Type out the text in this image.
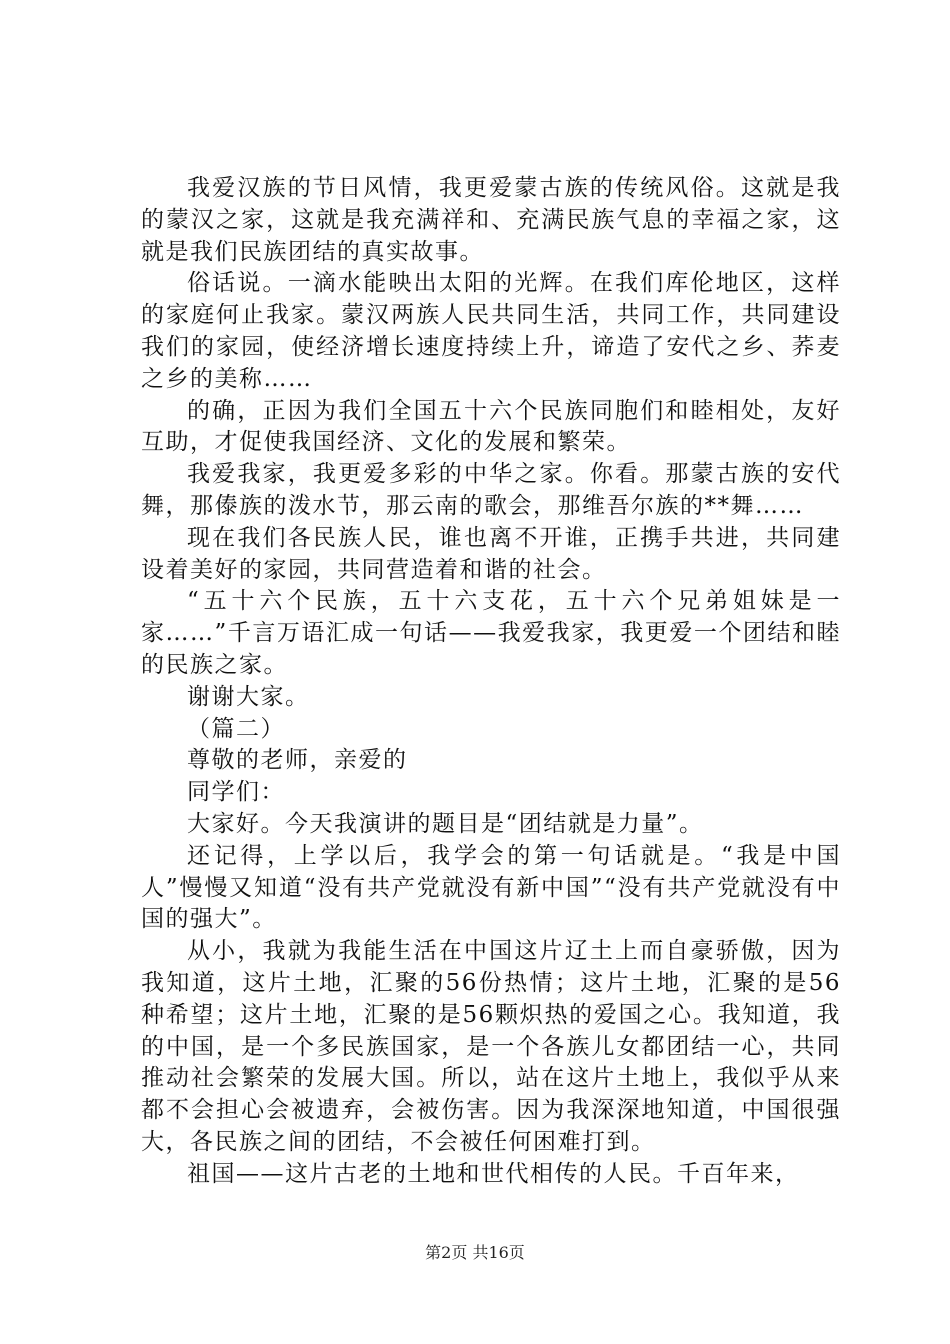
我爱汉族的节日风情，我更爱蒙古族的传统风俗。这就是我的蒙汉之家，这就是我充满祥和、充满民族气息的幸福之家，这就是我们民族团结的真实故事。

俗话说。一滴水能映出太阳的光辉。在我们库伦地区，这样的家庭何止我家。蒙汉两族人民共同生活，共同工作，共同建设我们的家园，使经济增长速度持续上升，谛造了安代之乡、荞麦之乡的美称……

的确，正因为我们全国五十六个民族同胞们和睦相处，友好互助，才促使我国经济、文化的发展和繁荣。

我爱我家，我更爱多彩的中华之家。你看。那蒙古族的安代舞，那傣族的泼水节，那云南的歌会，那维吾尔族的**舞……

现在我们各民族人民，谁也离不开谁，正携手共进，共同建设着美好的家园，共同营造着和谐的社会。

“五十六个民族，五十六支花，五十六个兄弟姐妹是一家……”千言万语汇成一句话——我爱我家，我更爱一个团结和睦的民族之家。

谢谢大家。

（篇二）

尊敬的老师，亲爱的

同学们：

大家好。今天我演讲的题目是“团结就是力量”。

还记得，上学以后，我学会的第一句话就是。“我是中国人”慢慢又知道“没有共产党就没有新中国”“没有共产党就没有中国的强大”。

从小，我就为我能生活在中国这片辽土上而自豪骄傲，因为我知道，这片土地，汇聚的56份热情；这片土地，汇聚的是56种希望；这片土地，汇聚的是56颗炽热的爱国之心。我知道，我的中国，是一个多民族国家，是一个各族儿女都团结一心，共同推动社会繁荣的发展大国。所以，站在这片土地上，我似乎从来都不会担心会被遗弃，会被伤害。因为我深深地知道，中国很强大，各民族之间的团结，不会被任何困难打到。

祖国——这片古老的土地和世代相传的人民。千百年来，

第2页 共16页
